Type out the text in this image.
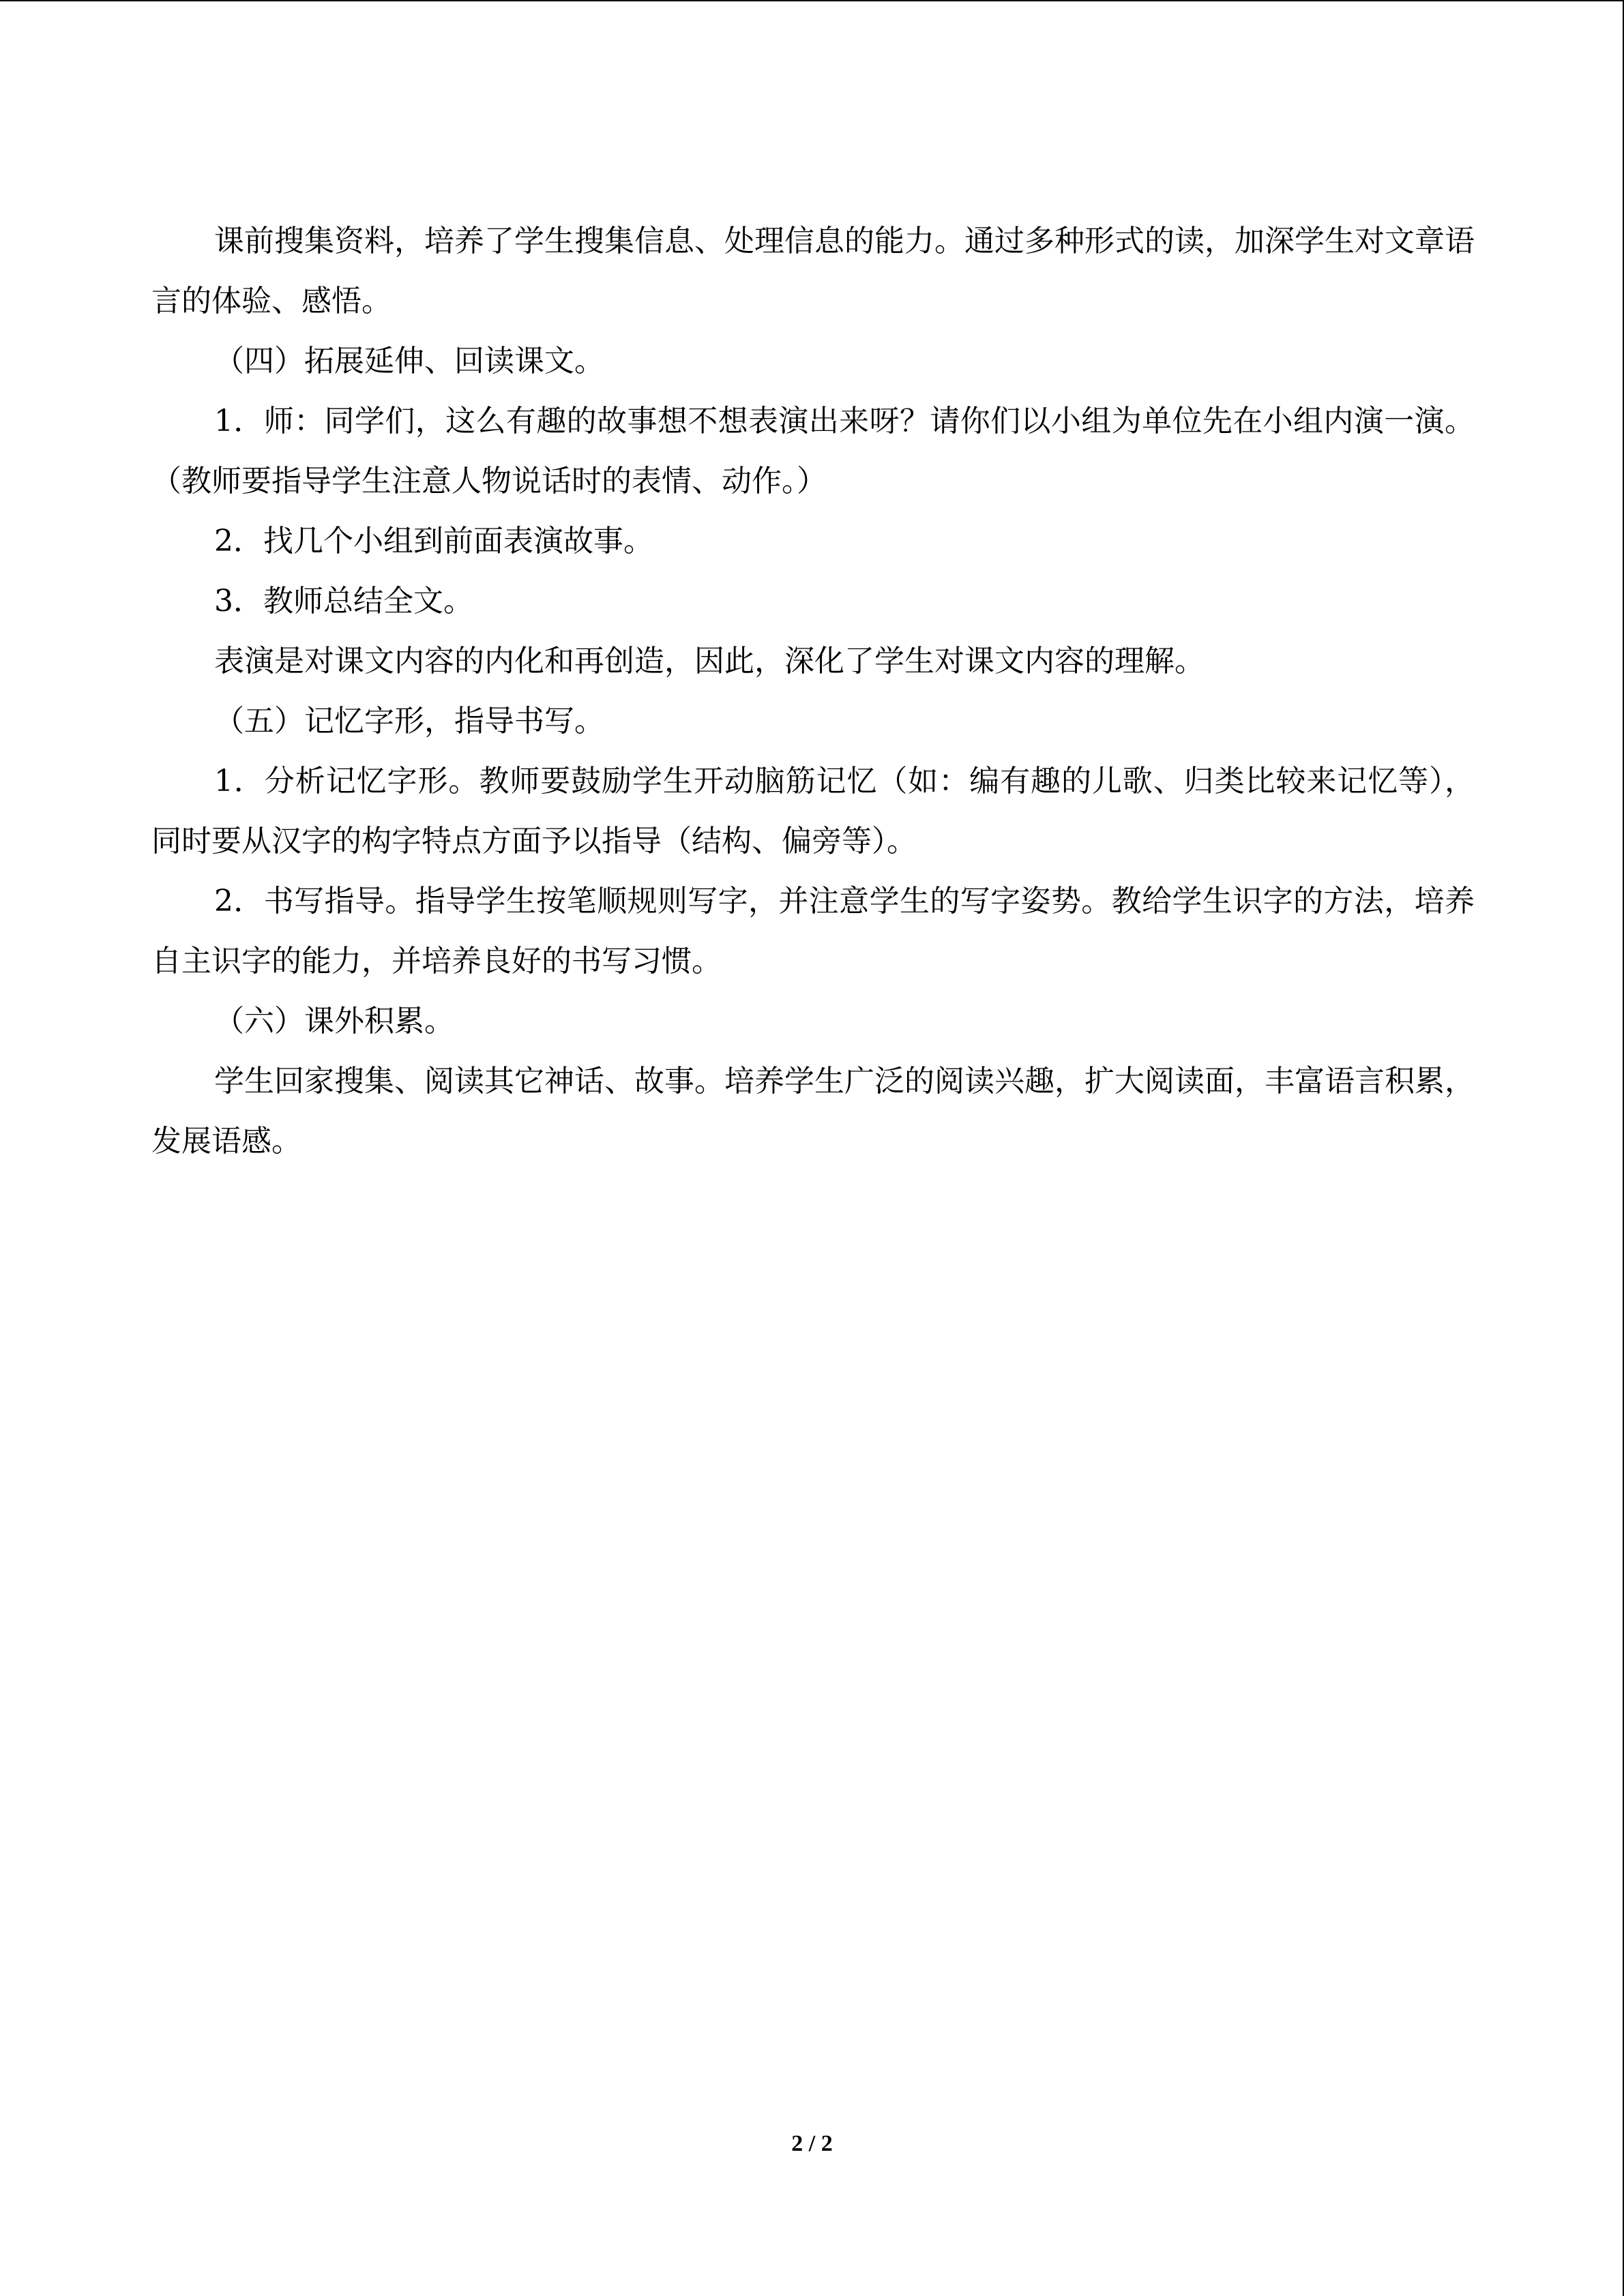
课前搜集资料，培养了学生搜集信息、处理信息的能力。通过多种形式的读，加深学生对文章语言的体验、感悟。

（四）拓展延伸、回读课文。

1．师：同学们，这么有趣的故事想不想表演出来呀？请你们以小组为单位先在小组内演一演。（教师要指导学生注意人物说话时的表情、动作。）

2．找几个小组到前面表演故事。

3．教师总结全文。

表演是对课文内容的内化和再创造，因此，深化了学生对课文内容的理解。

（五）记忆字形，指导书写。

1．分析记忆字形。教师要鼓励学生开动脑筋记忆（如：编有趣的儿歌、归类比较来记忆等），同时要从汉字的构字特点方面予以指导（结构、偏旁等）。

2．书写指导。指导学生按笔顺规则写字，并注意学生的写字姿势。教给学生识字的方法，培养自主识字的能力，并培养良好的书写习惯。

（六）课外积累。

学生回家搜集、阅读其它神话、故事。培养学生广泛的阅读兴趣，扩大阅读面，丰富语言积累，发展语感。

2 / 2
